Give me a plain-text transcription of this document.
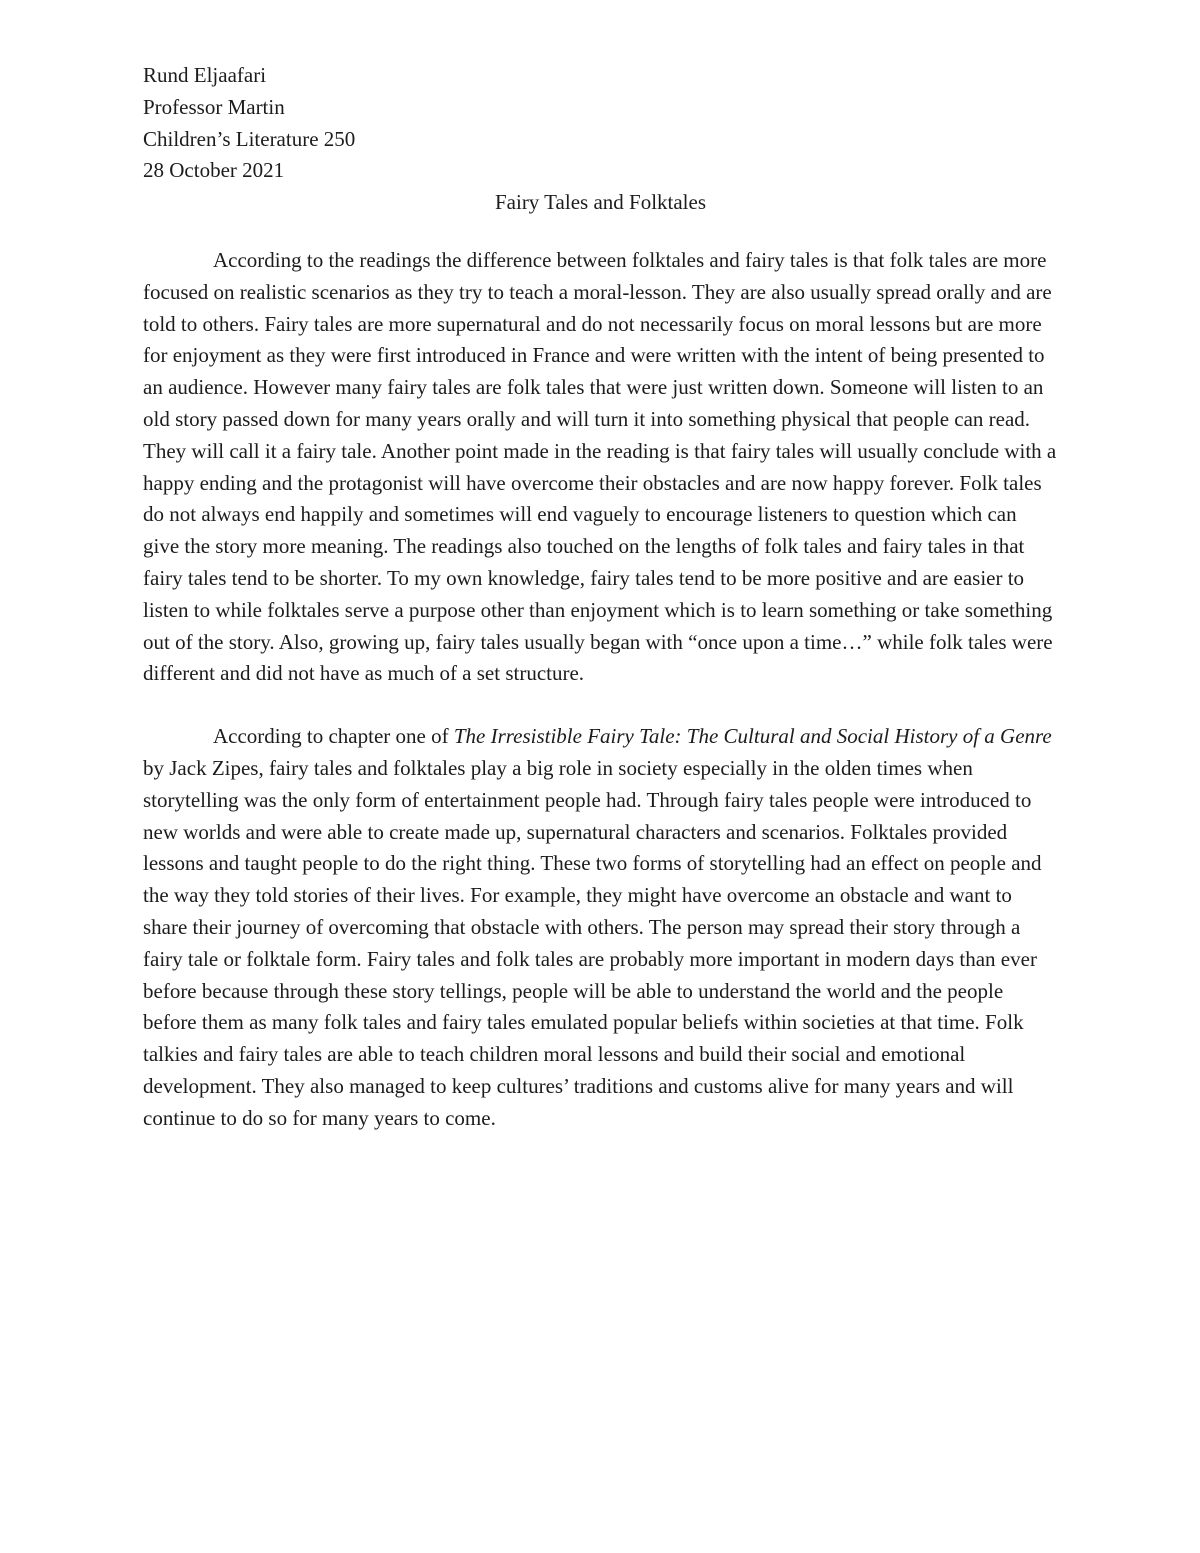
Rund Eljaafari
Professor Martin
Children’s Literature 250
28 October 2021
Fairy Tales and Folktales

According to the readings the difference between folktales and fairy tales is that folk tales are more focused on realistic scenarios as they try to teach a moral-lesson. They are also usually spread orally and are told to others. Fairy tales are more supernatural and do not necessarily focus on moral lessons but are more for enjoyment as they were first introduced in France and were written with the intent of being presented to an audience. However many fairy tales are folk tales that were just written down. Someone will listen to an old story passed down for many years orally and will turn it into something physical that people can read. They will call it a fairy tale. Another point made in the reading is that fairy tales will usually conclude with a happy ending and the protagonist will have overcome their obstacles and are now happy forever. Folk tales do not always end happily and sometimes will end vaguely to encourage listeners to question which can give the story more meaning. The readings also touched on the lengths of folk tales and fairy tales in that fairy tales tend to be shorter. To my own knowledge, fairy tales tend to be more positive and are easier to listen to while folktales serve a purpose other than enjoyment which is to learn something or take something out of the story. Also, growing up, fairy tales usually began with “once upon a time…” while folk tales were different and did not have as much of a set structure.

According to chapter one of The Irresistible Fairy Tale: The Cultural and Social History of a Genre by Jack Zipes, fairy tales and folktales play a big role in society especially in the olden times when storytelling was the only form of entertainment people had. Through fairy tales people were introduced to new worlds and were able to create made up, supernatural characters and scenarios. Folktales provided lessons and taught people to do the right thing. These two forms of storytelling had an effect on people and the way they told stories of their lives. For example, they might have overcome an obstacle and want to share their journey of overcoming that obstacle with others. The person may spread their story through a fairy tale or folktale form. Fairy tales and folk tales are probably more important in modern days than ever before because through these story tellings, people will be able to understand the world and the people before them as many folk tales and fairy tales emulated popular beliefs within societies at that time. Folk talkies and fairy tales are able to teach children moral lessons and build their social and emotional development. They also managed to keep cultures’ traditions and customs alive for many years and will continue to do so for many years to come.
